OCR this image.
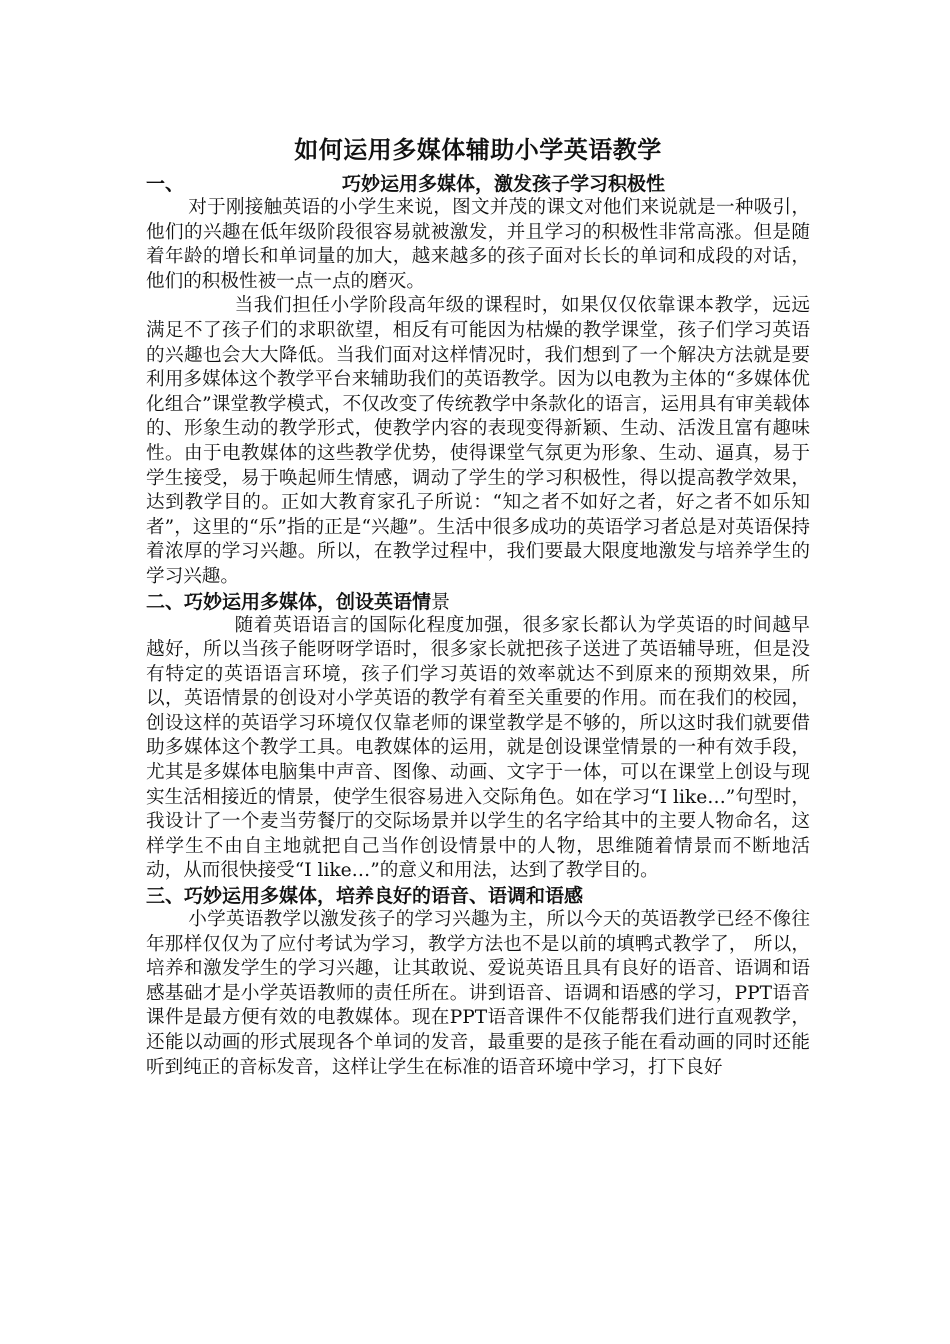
如何运用多媒体辅助小学英语教学
一、	巧妙运用多媒体，激发孩子学习积极性

对于刚接触英语的小学生来说，图文并茂的课文对他们来说就是一种吸引，他们的兴趣在低年级阶段很容易就被激发，并且学习的积极性非常高涨。但是随着年龄的增长和单词量的加大，越来越多的孩子面对长长的单词和成段的对话，他们的积极性被一点一点的磨灭。

当我们担任小学阶段高年级的课程时，如果仅仅依靠课本教学，远远满足不了孩子们的求职欲望，相反有可能因为枯燥的教学课堂，孩子们学习英语的兴趣也会大大降低。当我们面对这样情况时，我们想到了一个解决方法就是要利用多媒体这个教学平台来辅助我们的英语教学。因为以电教为主体的“多媒体优化组合”课堂教学模式，不仅改变了传统教学中条款化的语言，运用具有审美载体的、形象生动的教学形式，使教学内容的表现变得新颖、生动、活泼且富有趣味性。由于电教媒体的这些教学优势，使得课堂气氛更为形象、生动、逼真，易于学生接受，易于唤起师生情感，调动了学生的学习积极性，得以提高教学效果，达到教学目的。正如大教育家孔子所说：“知之者不如好之者，好之者不如乐知者”，这里的“乐”指的正是“兴趣”。生活中很多成功的英语学习者总是对英语保持着浓厚的学习兴趣。所以，在教学过程中，我们要最大限度地激发与培养学生的学习兴趣。

二、巧妙运用多媒体，创设英语情景

随着英语语言的国际化程度加强，很多家长都认为学英语的时间越早越好，所以当孩子能呀呀学语时，很多家长就把孩子送进了英语辅导班，但是没有特定的英语语言环境，孩子们学习英语的效率就达不到原来的预期效果，所以，英语情景的创设对小学英语的教学有着至关重要的作用。而在我们的校园，创设这样的英语学习环境仅仅靠老师的课堂教学是不够的，所以这时我们就要借助多媒体这个教学工具。电教媒体的运用，就是创设课堂情景的一种有效手段，尤其是多媒体电脑集中声音、图像、动画、文字于一体，可以在课堂上创设与现实生活相接近的情景，使学生很容易进入交际角色。如在学习“I like…”句型时，我设计了一个麦当劳餐厅的交际场景并以学生的名字给其中的主要人物命名，这样学生不由自主地就把自己当作创设情景中的人物，思维随着情景而不断地活动，从而很快接受“I like…”的意义和用法，达到了教学目的。

三、巧妙运用多媒体，培养良好的语音、语调和语感

小学英语教学以激发孩子的学习兴趣为主，所以今天的英语教学已经不像往年那样仅仅为了应付考试为学习，教学方法也不是以前的填鸭式教学了， 所以，培养和激发学生的学习兴趣，让其敢说、爱说英语且具有良好的语音、语调和语感基础才是小学英语教师的责任所在。讲到语音、语调和语感的学习，PPT语音课件是最方便有效的电教媒体。现在PPT语音课件不仅能帮我们进行直观教学，还能以动画的形式展现各个单词的发音，最重要的是孩子能在看动画的同时还能听到纯正的音标发音，这样让学生在标准的语音环境中学习，打下良好
